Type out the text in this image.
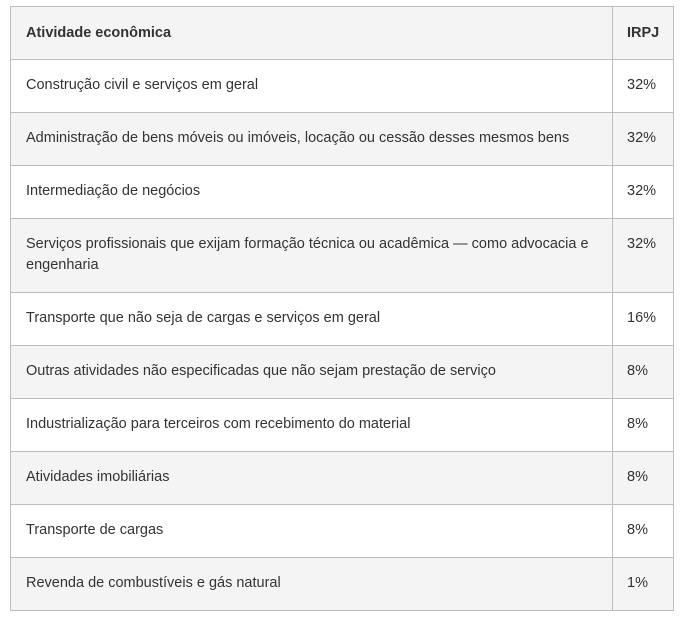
Atividade econômica	IRPJ
Construção civil e serviços em geral	32%
Administração de bens móveis ou imóveis, locação ou cessão desses mesmos bens	32%
Intermediação de negócios	32%
Serviços profissionais que exijam formação técnica ou acadêmica — como advocacia e engenharia	32%
Transporte que não seja de cargas e serviços em geral	16%
Outras atividades não especificadas que não sejam prestação de serviço	8%
Industrialização para terceiros com recebimento do material	8%
Atividades imobiliárias	8%
Transporte de cargas	8%
Revenda de combustíveis e gás natural	1%
